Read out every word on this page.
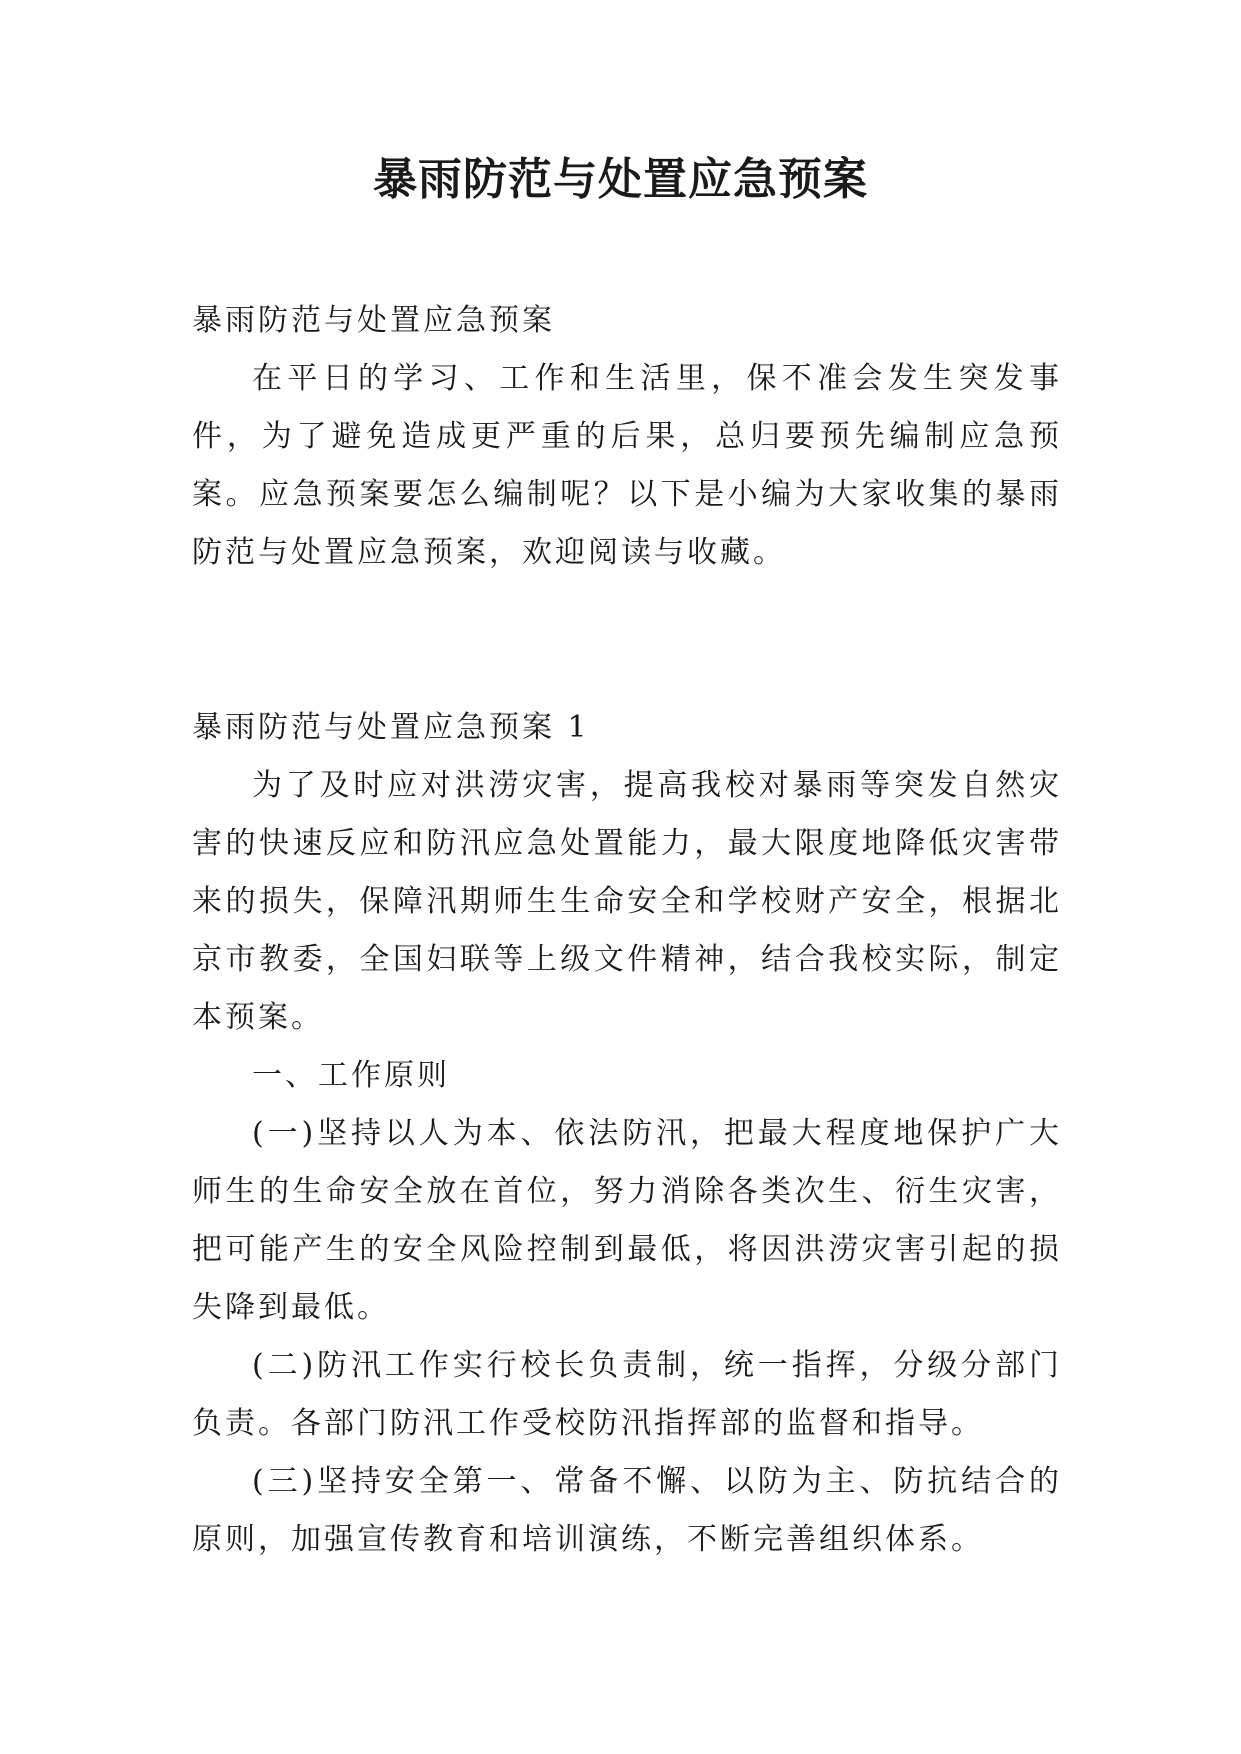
暴雨防范与处置应急预案

暴雨防范与处置应急预案

在平日的学习、工作和生活里，保不准会发生突发事件，为了避免造成更严重的后果，总归要预先编制应急预案。应急预案要怎么编制呢？以下是小编为大家收集的暴雨防范与处置应急预案，欢迎阅读与收藏。

暴雨防范与处置应急预案 1

为了及时应对洪涝灾害，提高我校对暴雨等突发自然灾害的快速反应和防汛应急处置能力，最大限度地降低灾害带来的损失，保障汛期师生生命安全和学校财产安全，根据北京市教委，全国妇联等上级文件精神，结合我校实际，制定本预案。

一、工作原则

(一)坚持以人为本、依法防汛，把最大程度地保护广大师生的生命安全放在首位，努力消除各类次生、衍生灾害，把可能产生的安全风险控制到最低，将因洪涝灾害引起的损失降到最低。

(二)防汛工作实行校长负责制，统一指挥，分级分部门负责。各部门防汛工作受校防汛指挥部的监督和指导。

(三)坚持安全第一、常备不懈、以防为主、防抗结合的原则，加强宣传教育和培训演练，不断完善组织体系。
